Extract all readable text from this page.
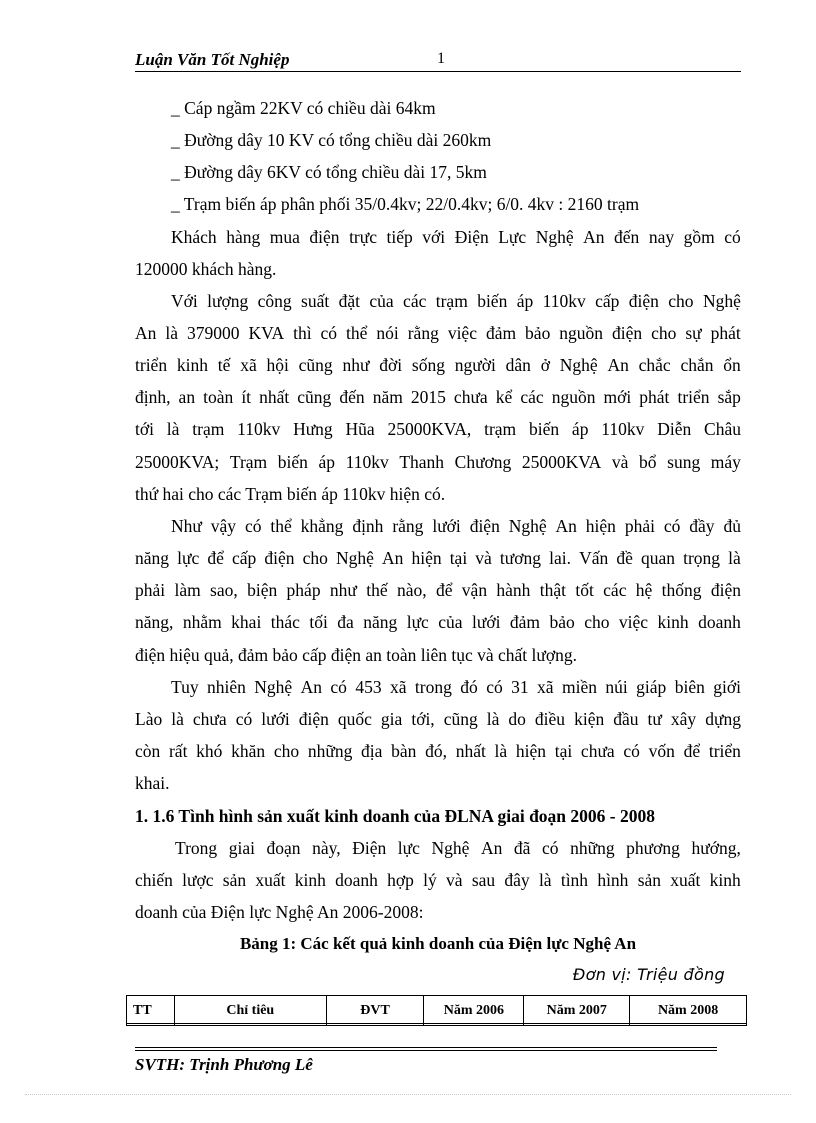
Luận Văn Tốt Nghiệp	1
_ Cáp ngầm 22KV có chiều dài 64km
_ Đường dây 10 KV có tổng chiều dài 260km
_ Đường dây 6KV có tổng chiều dài 17, 5km
_ Trạm biến áp phân phối 35/0.4kv; 22/0.4kv; 6/0. 4kv : 2160 trạm
Khách hàng mua điện trực tiếp với Điện Lực Nghệ An đến nay gồm có
120000 khách hàng.
Với lượng công suất đặt của các trạm biến áp 110kv cấp điện cho Nghệ
An là 379000 KVA thì có thể nói rằng việc đảm bảo nguồn điện cho sự phát
triển kinh tế xã hội cũng như đời sống người dân ở Nghệ An chắc chắn ổn
định, an toàn ít nhất cũng đến năm 2015 chưa kể các nguồn mới phát triển sắp
tới là trạm 110kv Hưng Hũa 25000KVA, trạm biến áp 110kv Diễn Châu
25000KVA; Trạm biến áp 110kv Thanh Chương 25000KVA và bổ sung máy
thứ hai cho các Trạm biến áp 110kv hiện có.
Như vậy có thể khẳng định rằng lưới điện Nghệ An hiện phải có đầy đủ
năng lực để cấp điện cho Nghệ An hiện tại và tương lai. Vấn đề quan trọng là
phải làm sao, biện pháp như thế nào, để vận hành thật tốt các hệ thống điện
năng, nhằm khai thác tối đa năng lực của lưới đảm bảo cho việc kinh doanh
điện hiệu quả, đảm bảo cấp điện an toàn liên tục và chất lượng.
Tuy nhiên Nghệ An có 453 xã trong đó có 31 xã miền núi giáp biên giới
Lào là chưa có lưới điện quốc gia tới, cũng là do điều kiện đầu tư xây dựng
còn rất khó khăn cho những địa bàn đó, nhất là hiện tại chưa có vốn để triển
khai.
1. 1.6 Tình hình sản xuất kinh doanh của ĐLNA giai đoạn 2006 - 2008
Trong giai đoạn này, Điện lực Nghệ An đã có những phương hướng,
chiến lược sản xuất kinh doanh hợp lý và sau đây là tình hình sản xuất kinh
doanh của Điện lực Nghệ An 2006-2008:
Bảng 1: Các kết quả kinh doanh của Điện lực Nghệ An
Đơn vị: Triệu đồng
TT	Chỉ tiêu	ĐVT	Năm 2006	Năm 2007	Năm 2008
SVTH: Trịnh Phương Lê
